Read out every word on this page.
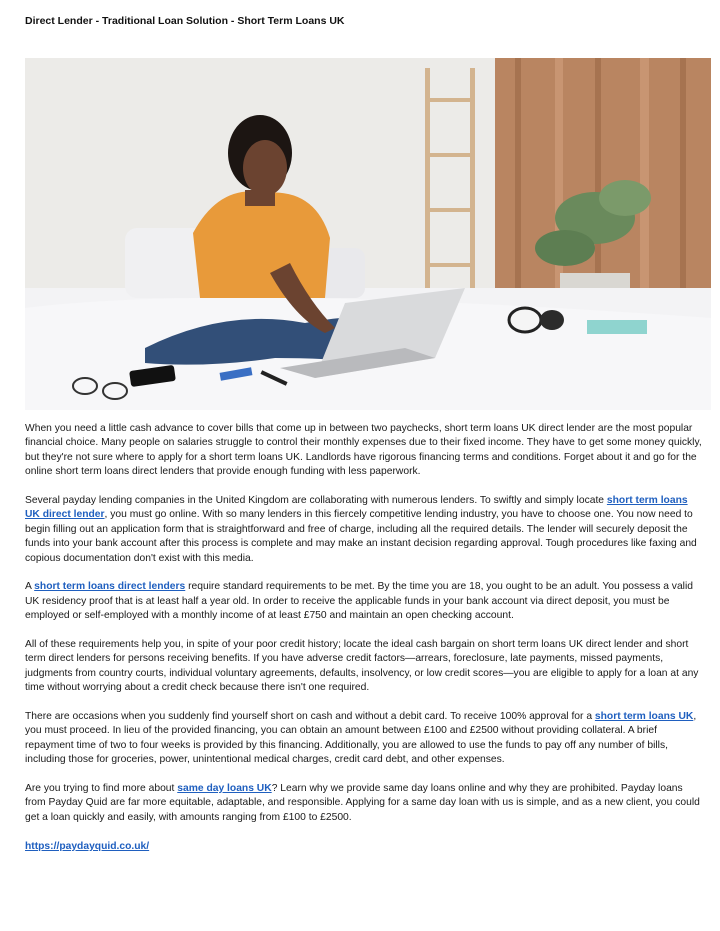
Direct Lender - Traditional Loan Solution - Short Term Loans UK

When you need a little cash advance to cover bills that come up in between two paychecks, short term loans UK direct lender are the most popular financial choice. Many people on salaries struggle to control their monthly expenses due to their fixed income. They have to get some money quickly, but they're not sure where to apply for a short term loans UK. Landlords have rigorous financing terms and conditions. Forget about it and go for the online short term loans direct lenders that provide enough funding with less paperwork.

Several payday lending companies in the United Kingdom are collaborating with numerous lenders. To swiftly and simply locate short term loans UK direct lender, you must go online. With so many lenders in this fiercely competitive lending industry, you have to choose one. You now need to begin filling out an application form that is straightforward and free of charge, including all the required details. The lender will securely deposit the funds into your bank account after this process is complete and may make an instant decision regarding approval. Tough procedures like faxing and copious documentation don't exist with this media.

A short term loans direct lenders require standard requirements to be met. By the time you are 18, you ought to be an adult. You possess a valid UK residency proof that is at least half a year old. In order to receive the applicable funds in your bank account via direct deposit, you must be employed or self-employed with a monthly income of at least £750 and maintain an open checking account.

All of these requirements help you, in spite of your poor credit history; locate the ideal cash bargain on short term loans UK direct lender and short term direct lenders for persons receiving benefits. If you have adverse credit factors—arrears, foreclosure, late payments, missed payments, judgments from country courts, individual voluntary agreements, defaults, insolvency, or low credit scores—you are eligible to apply for a loan at any time without worrying about a credit check because there isn't one required.

There are occasions when you suddenly find yourself short on cash and without a debit card. To receive 100% approval for a short term loans UK, you must proceed. In lieu of the provided financing, you can obtain an amount between £100 and £2500 without providing collateral. A brief repayment time of two to four weeks is provided by this financing. Additionally, you are allowed to use the funds to pay off any number of bills, including those for groceries, power, unintentional medical charges, credit card debt, and other expenses.

Are you trying to find more about same day loans UK? Learn why we provide same day loans online and why they are prohibited. Payday loans from Payday Quid are far more equitable, adaptable, and responsible. Applying for a same day loan with us is simple, and as a new client, you could get a loan quickly and easily, with amounts ranging from £100 to £2500.

https://paydayquid.co.uk/
